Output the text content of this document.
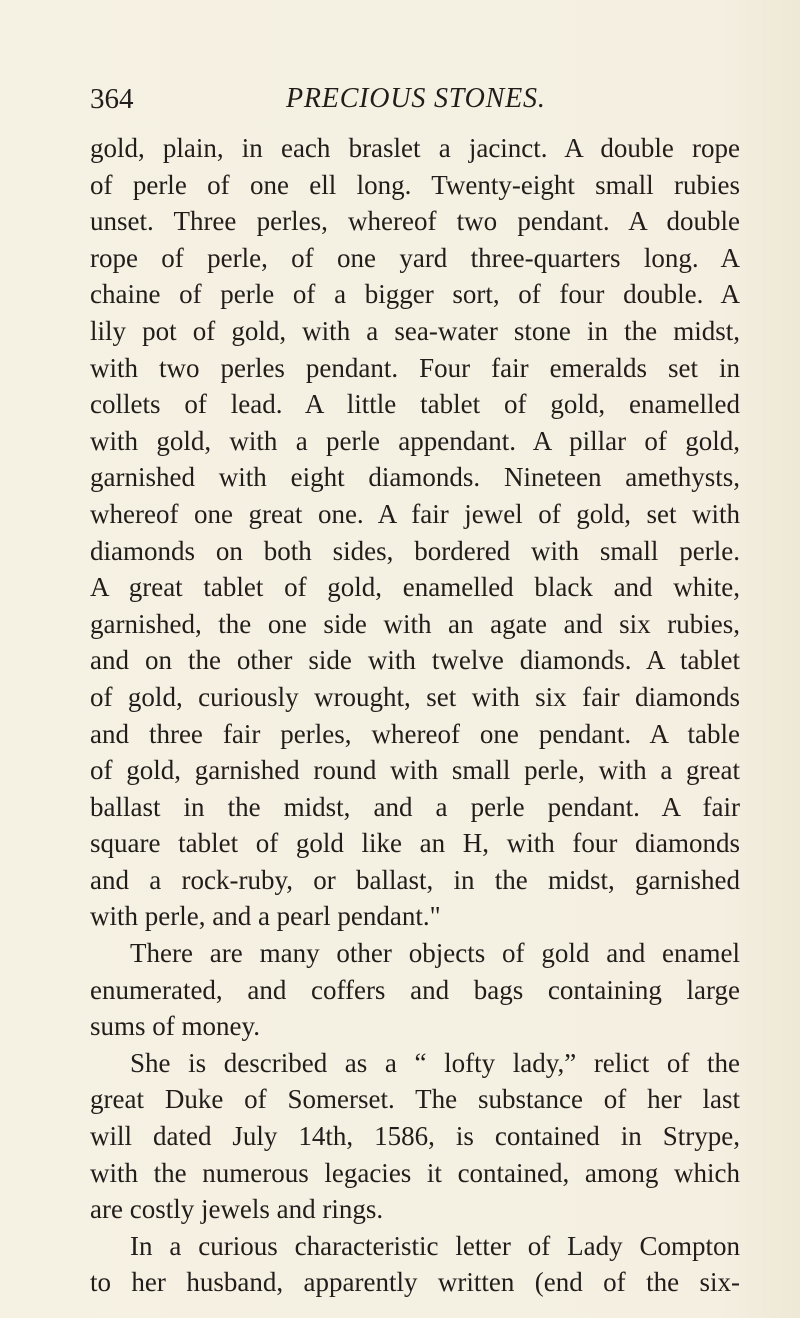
364	PRECIOUS STONES.
gold, plain, in each braslet a jacinct. A double rope
of perle of one ell long. Twenty-eight small rubies
unset. Three perles, whereof two pendant. A double
rope of perle, of one yard three-quarters long. A
chaine of perle of a bigger sort, of four double. A
lily pot of gold, with a sea-water stone in the midst,
with two perles pendant. Four fair emeralds set in
collets of lead. A little tablet of gold, enamelled
with gold, with a perle appendant. A pillar of gold,
garnished with eight diamonds. Nineteen amethysts,
whereof one great one. A fair jewel of gold, set with
diamonds on both sides, bordered with small perle.
A great tablet of gold, enamelled black and white,
garnished, the one side with an agate and six rubies,
and on the other side with twelve diamonds. A tablet
of gold, curiously wrought, set with six fair diamonds
and three fair perles, whereof one pendant. A table
of gold, garnished round with small perle, with a great
ballast in the midst, and a perle pendant. A fair
square tablet of gold like an H, with four diamonds
and a rock-ruby, or ballast, in the midst, garnished
with perle, and a pearl pendant."
There are many other objects of gold and enamel
enumerated, and coffers and bags containing large
sums of money.
She is described as a “ lofty lady,” relict of the
great Duke of Somerset. The substance of her last
will dated July 14th, 1586, is contained in Strype,
with the numerous legacies it contained, among which
are costly jewels and rings.
In a curious characteristic letter of Lady Compton
to her husband, apparently written (end of the six-
